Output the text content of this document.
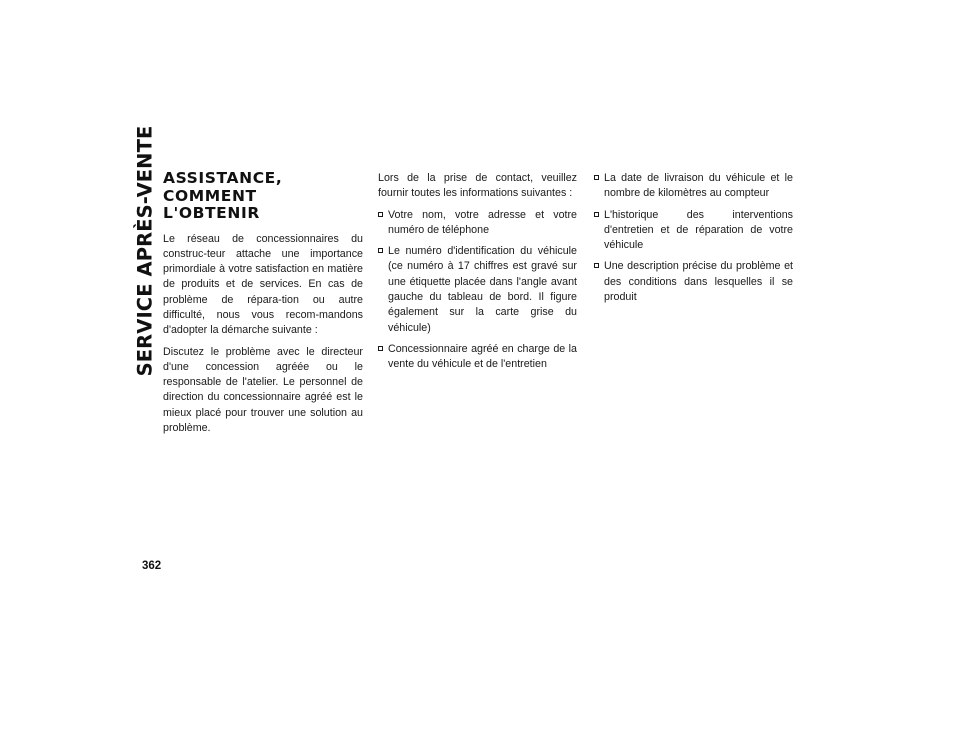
SERVICE APRÈS-VENTE
362
ASSISTANCE, COMMENT
L'OBTENIR

Le réseau de concessionnaires du construc-teur attache une importance primordiale à votre satisfaction en matière de produits et de services. En cas de problème de répara-tion ou autre difficulté, nous vous recom-mandons d'adopter la démarche suivante :

Discutez le problème avec le directeur d'une concession agréée ou le responsable de l'atelier. Le personnel de direction du concessionnaire agréé est le mieux placé pour trouver une solution au problème.

Lors de la prise de contact, veuillez fournir toutes les informations suivantes :

Votre nom, votre adresse et votre numéro de téléphone
Le numéro d'identification du véhicule (ce numéro à 17 chiffres est gravé sur une étiquette placée dans l'angle avant gauche du tableau de bord. Il figure également sur la carte grise du véhicule)
Concessionnaire agréé en charge de la vente du véhicule et de l'entretien
La date de livraison du véhicule et le nombre de kilomètres au compteur
L'historique des interventions d'entretien et de réparation de votre véhicule
Une description précise du problème et des conditions dans lesquelles il se produit
